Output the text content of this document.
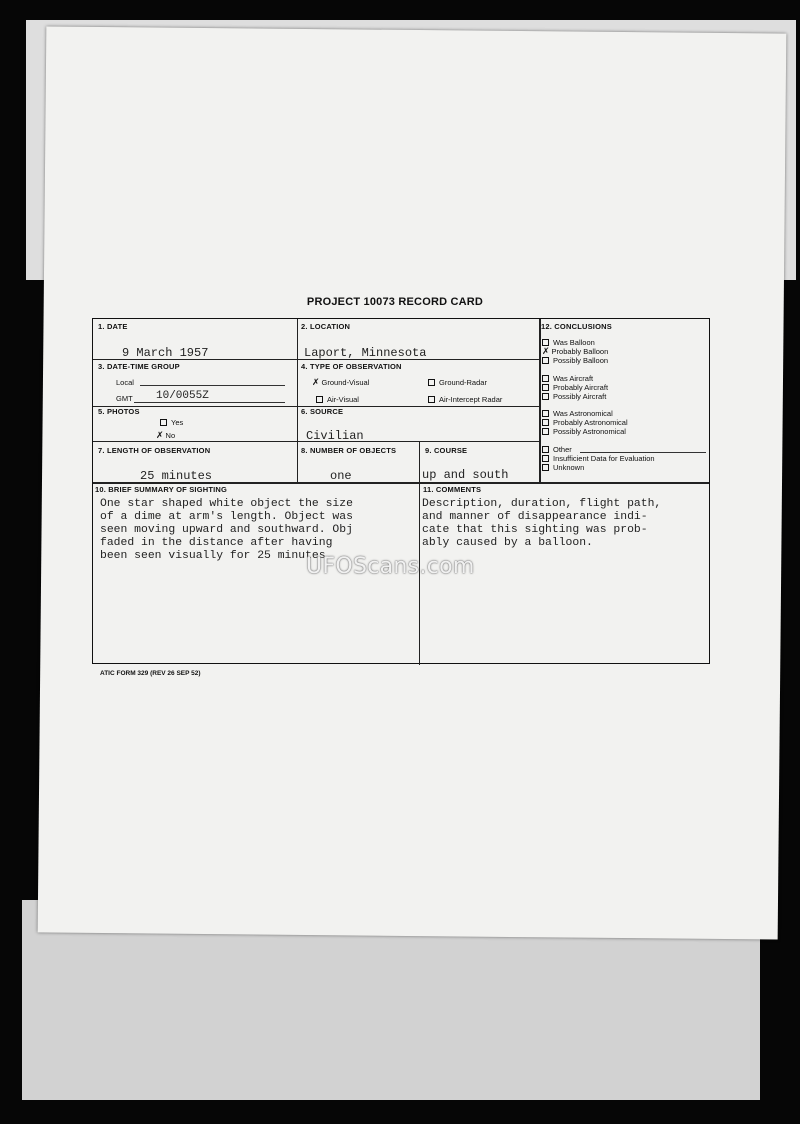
PROJECT 10073 RECORD CARD
1. DATE
9 March 1957
2. LOCATION
Laport, Minnesota
3. DATE-TIME GROUP
Local
GMT 10/0055Z
4. TYPE OF OBSERVATION
✗ Ground-Visual	Ground-Radar
Air-Visual	Air-Intercept Radar
5. PHOTOS
Yes
✗ No
6. SOURCE
Civilian
7. LENGTH OF OBSERVATION
25 minutes
8. NUMBER OF OBJECTS
one
9. COURSE
up and south
12. CONCLUSIONS
Was Balloon
✗ Probably Balloon
Possibly Balloon
Was Aircraft
Probably Aircraft
Possibly Aircraft
Was Astronomical
Probably Astronomical
Possibly Astronomical
Other
Insufficient Data for Evaluation
Unknown
10. BRIEF SUMMARY OF SIGHTING	11. COMMENTS
One star shaped white object the size
of a dime at arm's length. Object was
seen moving upward and southward. Obj
faded in the distance after having
been seen visually for 25 minutes.
Description, duration, flight path,
and manner of disappearance indi-
cate that this sighting was prob-
ably caused by a balloon.
ATIC FORM 329 (REV 26 SEP 52)
UFOScans.com
